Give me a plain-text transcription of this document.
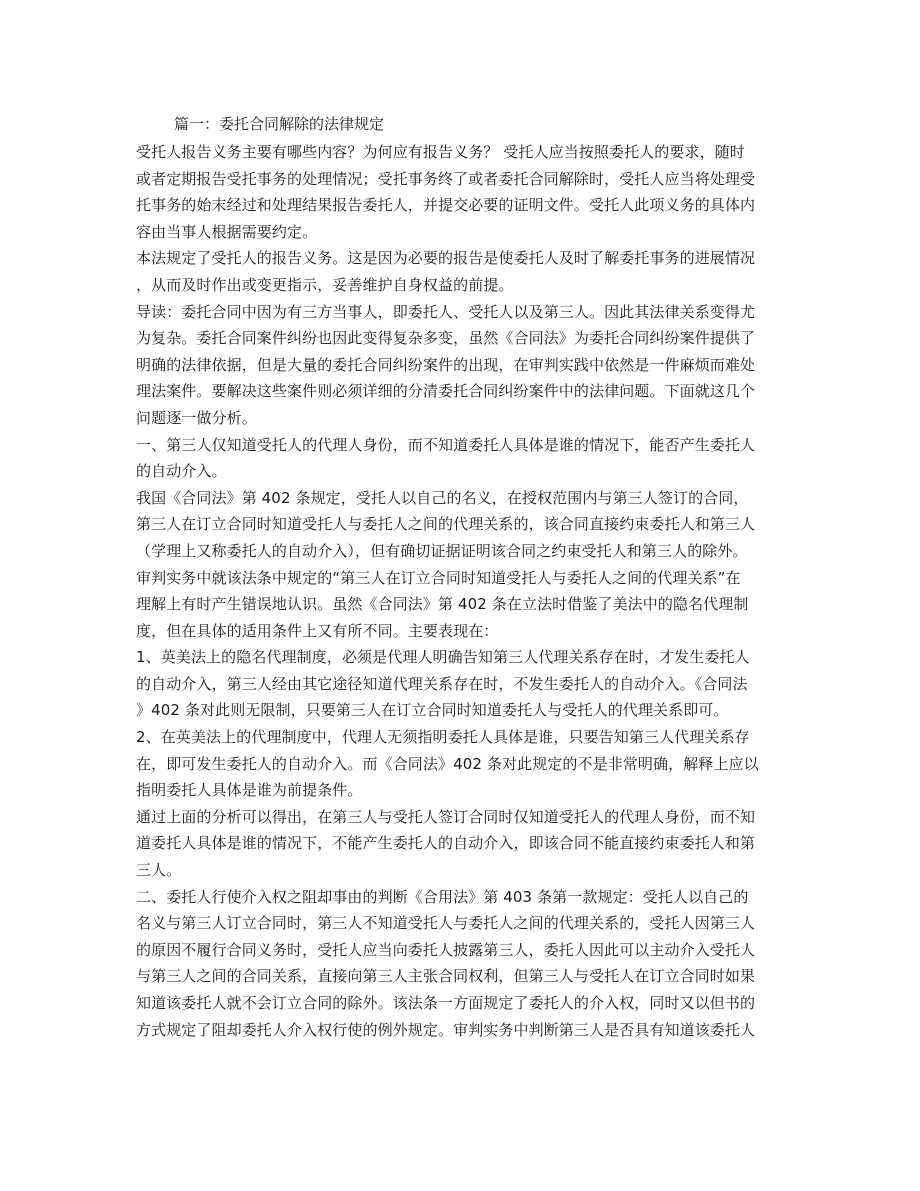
篇一：委托合同解除的法律规定
受托人报告义务主要有哪些内容？为何应有报告义务？ 受托人应当按照委托人的要求，随时
或者定期报告受托事务的处理情况；受托事务终了或者委托合同解除时，受托人应当将处理受
托事务的始末经过和处理结果报告委托人，并提交必要的证明文件。受托人此项义务的具体内
容由当事人根据需要约定。
本法规定了受托人的报告义务。这是因为必要的报告是使委托人及时了解委托事务的进展情况
，从而及时作出或变更指示，妥善维护自身权益的前提。
导读：委托合同中因为有三方当事人，即委托人、受托人以及第三人。因此其法律关系变得尤
为复杂。委托合同案件纠纷也因此变得复杂多变，虽然《合同法》为委托合同纠纷案件提供了
明确的法律依据，但是大量的委托合同纠纷案件的出现，在审判实践中依然是一件麻烦而难处
理法案件。要解决这些案件则必须详细的分清委托合同纠纷案件中的法律问题。下面就这几个
问题逐一做分析。
一、第三人仅知道受托人的代理人身份，而不知道委托人具体是谁的情况下，能否产生委托人
的自动介入。
我国《合同法》第 402 条规定，受托人以自己的名义，在授权范围内与第三人签订的合同，
第三人在订立合同时知道受托人与委托人之间的代理关系的，该合同直接约束委托人和第三人
（学理上又称委托人的自动介入），但有确切证据证明该合同之约束受托人和第三人的除外。
审判实务中就该法条中规定的“第三人在订立合同时知道受托人与委托人之间的代理关系”在
理解上有时产生错误地认识。虽然《合同法》第 402 条在立法时借鉴了美法中的隐名代理制
度，但在具体的适用条件上又有所不同。主要表现在：
1、英美法上的隐名代理制度，必须是代理人明确告知第三人代理关系存在时，才发生委托人
的自动介入，第三人经由其它途径知道代理关系存在时，不发生委托人的自动介入。《合同法
》402 条对此则无限制，只要第三人在订立合同时知道委托人与受托人的代理关系即可。
2、在英美法上的代理制度中，代理人无须指明委托人具体是谁，只要告知第三人代理关系存
在，即可发生委托人的自动介入。而《合同法》402 条对此规定的不是非常明确，解释上应以
指明委托人具体是谁为前提条件。
通过上面的分析可以得出，在第三人与受托人签订合同时仅知道受托人的代理人身份，而不知
道委托人具体是谁的情况下，不能产生委托人的自动介入，即该合同不能直接约束委托人和第
三人。
二、委托人行使介入权之阻却事由的判断《合用法》第 403 条第一款规定：受托人以自己的
名义与第三人订立合同时，第三人不知道受托人与委托人之间的代理关系的，受托人因第三人
的原因不履行合同义务时，受托人应当向委托人披露第三人，委托人因此可以主动介入受托人
与第三人之间的合同关系，直接向第三人主张合同权利，但第三人与受托人在订立合同时如果
知道该委托人就不会订立合同的除外。该法条一方面规定了委托人的介入权，同时又以但书的
方式规定了阻却委托人介入权行使的例外规定。审判实务中判断第三人是否具有知道该委托人
